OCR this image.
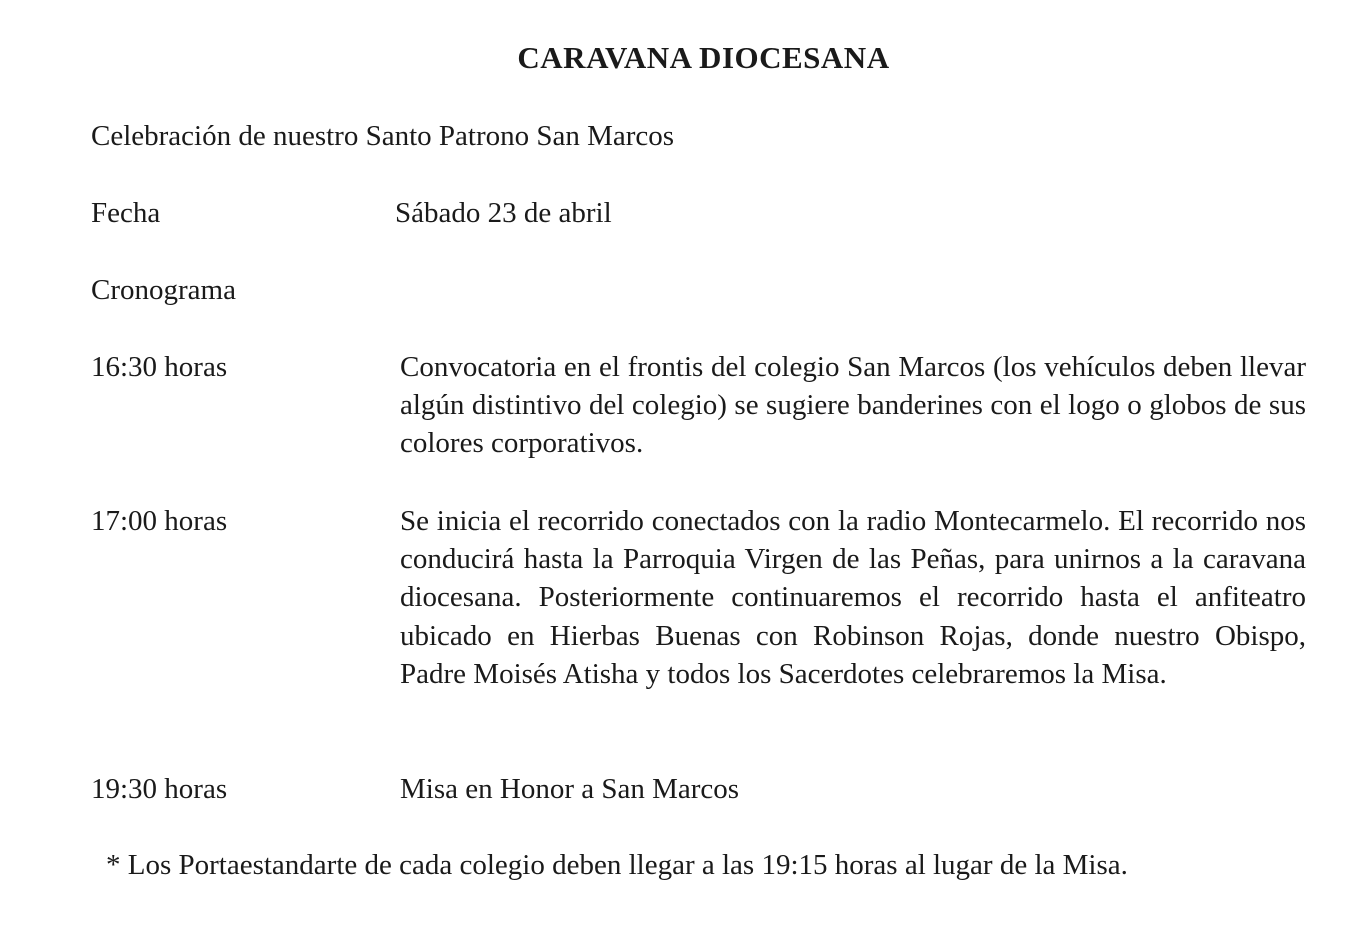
CARAVANA DIOCESANA
Celebración de nuestro Santo Patrono San Marcos
Fecha	Sábado 23 de abril
Cronograma
16:30 horas	Convocatoria en el frontis del colegio San Marcos (los vehículos deben llevar algún distintivo del colegio) se sugiere banderines con el logo o globos de sus colores corporativos.
17:00 horas	Se inicia el recorrido conectados con la radio Montecarmelo. El recorrido nos conducirá hasta la Parroquia Virgen de las Peñas, para unirnos a la caravana diocesana. Posteriormente continuaremos el recorrido hasta el anfiteatro ubicado en Hierbas Buenas con Robinson Rojas, donde nuestro Obispo, Padre Moisés Atisha y todos los Sacerdotes celebraremos la Misa.
19:30 horas	Misa en Honor a San Marcos
* Los Portaestandarte de cada colegio deben llegar a las 19:15 horas al lugar de la Misa.
